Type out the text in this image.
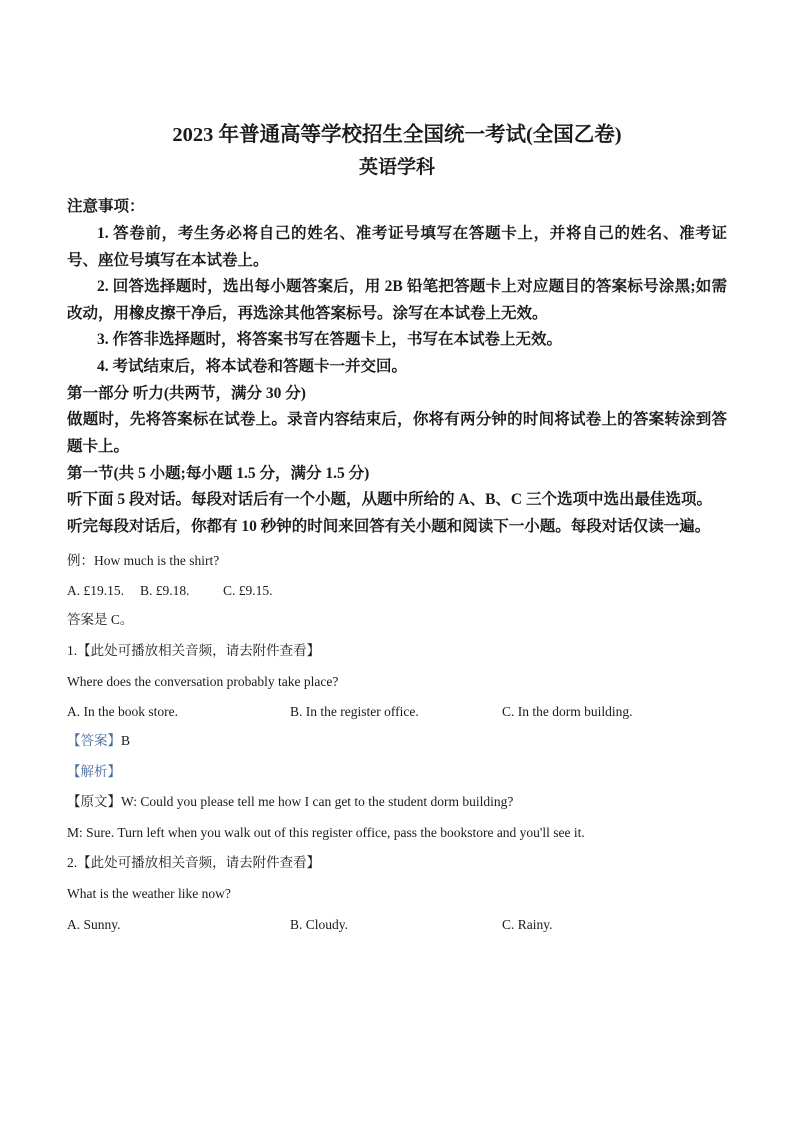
2023 年普通高等学校招生全国统一考试(全国乙卷)
英语学科

注意事项：

1. 答卷前，考生务必将自己的姓名、准考证号填写在答题卡上，并将自己的姓名、准考证号、座位号填写在本试卷上。

2. 回答选择题时，选出每小题答案后，用 2B 铅笔把答题卡上对应题目的答案标号涂黑;如需改动，用橡皮擦干净后，再选涂其他答案标号。涂写在本试卷上无效。

3. 作答非选择题时，将答案书写在答题卡上，书写在本试卷上无效。

4. 考试结束后，将本试卷和答题卡一并交回。

第一部分 听力(共两节，满分 30 分)

做题时，先将答案标在试卷上。录音内容结束后，你将有两分钟的时间将试卷上的答案转涂到答题卡上。

第一节(共 5 小题;每小题 1.5 分，满分 1.5 分)

听下面 5 段对话。每段对话后有一个小题，从题中所给的 A、B、C 三个选项中选出最佳选项。

听完每段对话后，你都有 10 秒钟的时间来回答有关小题和阅读下一小题。每段对话仅读一遍。

例：How much is the shirt?

A. £19.15. B. £9.18. C. £9.15.

答案是 C。

1.【此处可播放相关音频，请去附件查看】

Where does the conversation probably take place?

A. In the book store.	B. In the register office.	C. In the dorm building.

【答案】B

【解析】

【原文】W: Could you please tell me how I can get to the student dorm building?

M: Sure. Turn left when you walk out of this register office, pass the bookstore and you'll see it.

2.【此处可播放相关音频，请去附件查看】

What is the weather like now?

A. Sunny.	B. Cloudy.	C. Rainy.
